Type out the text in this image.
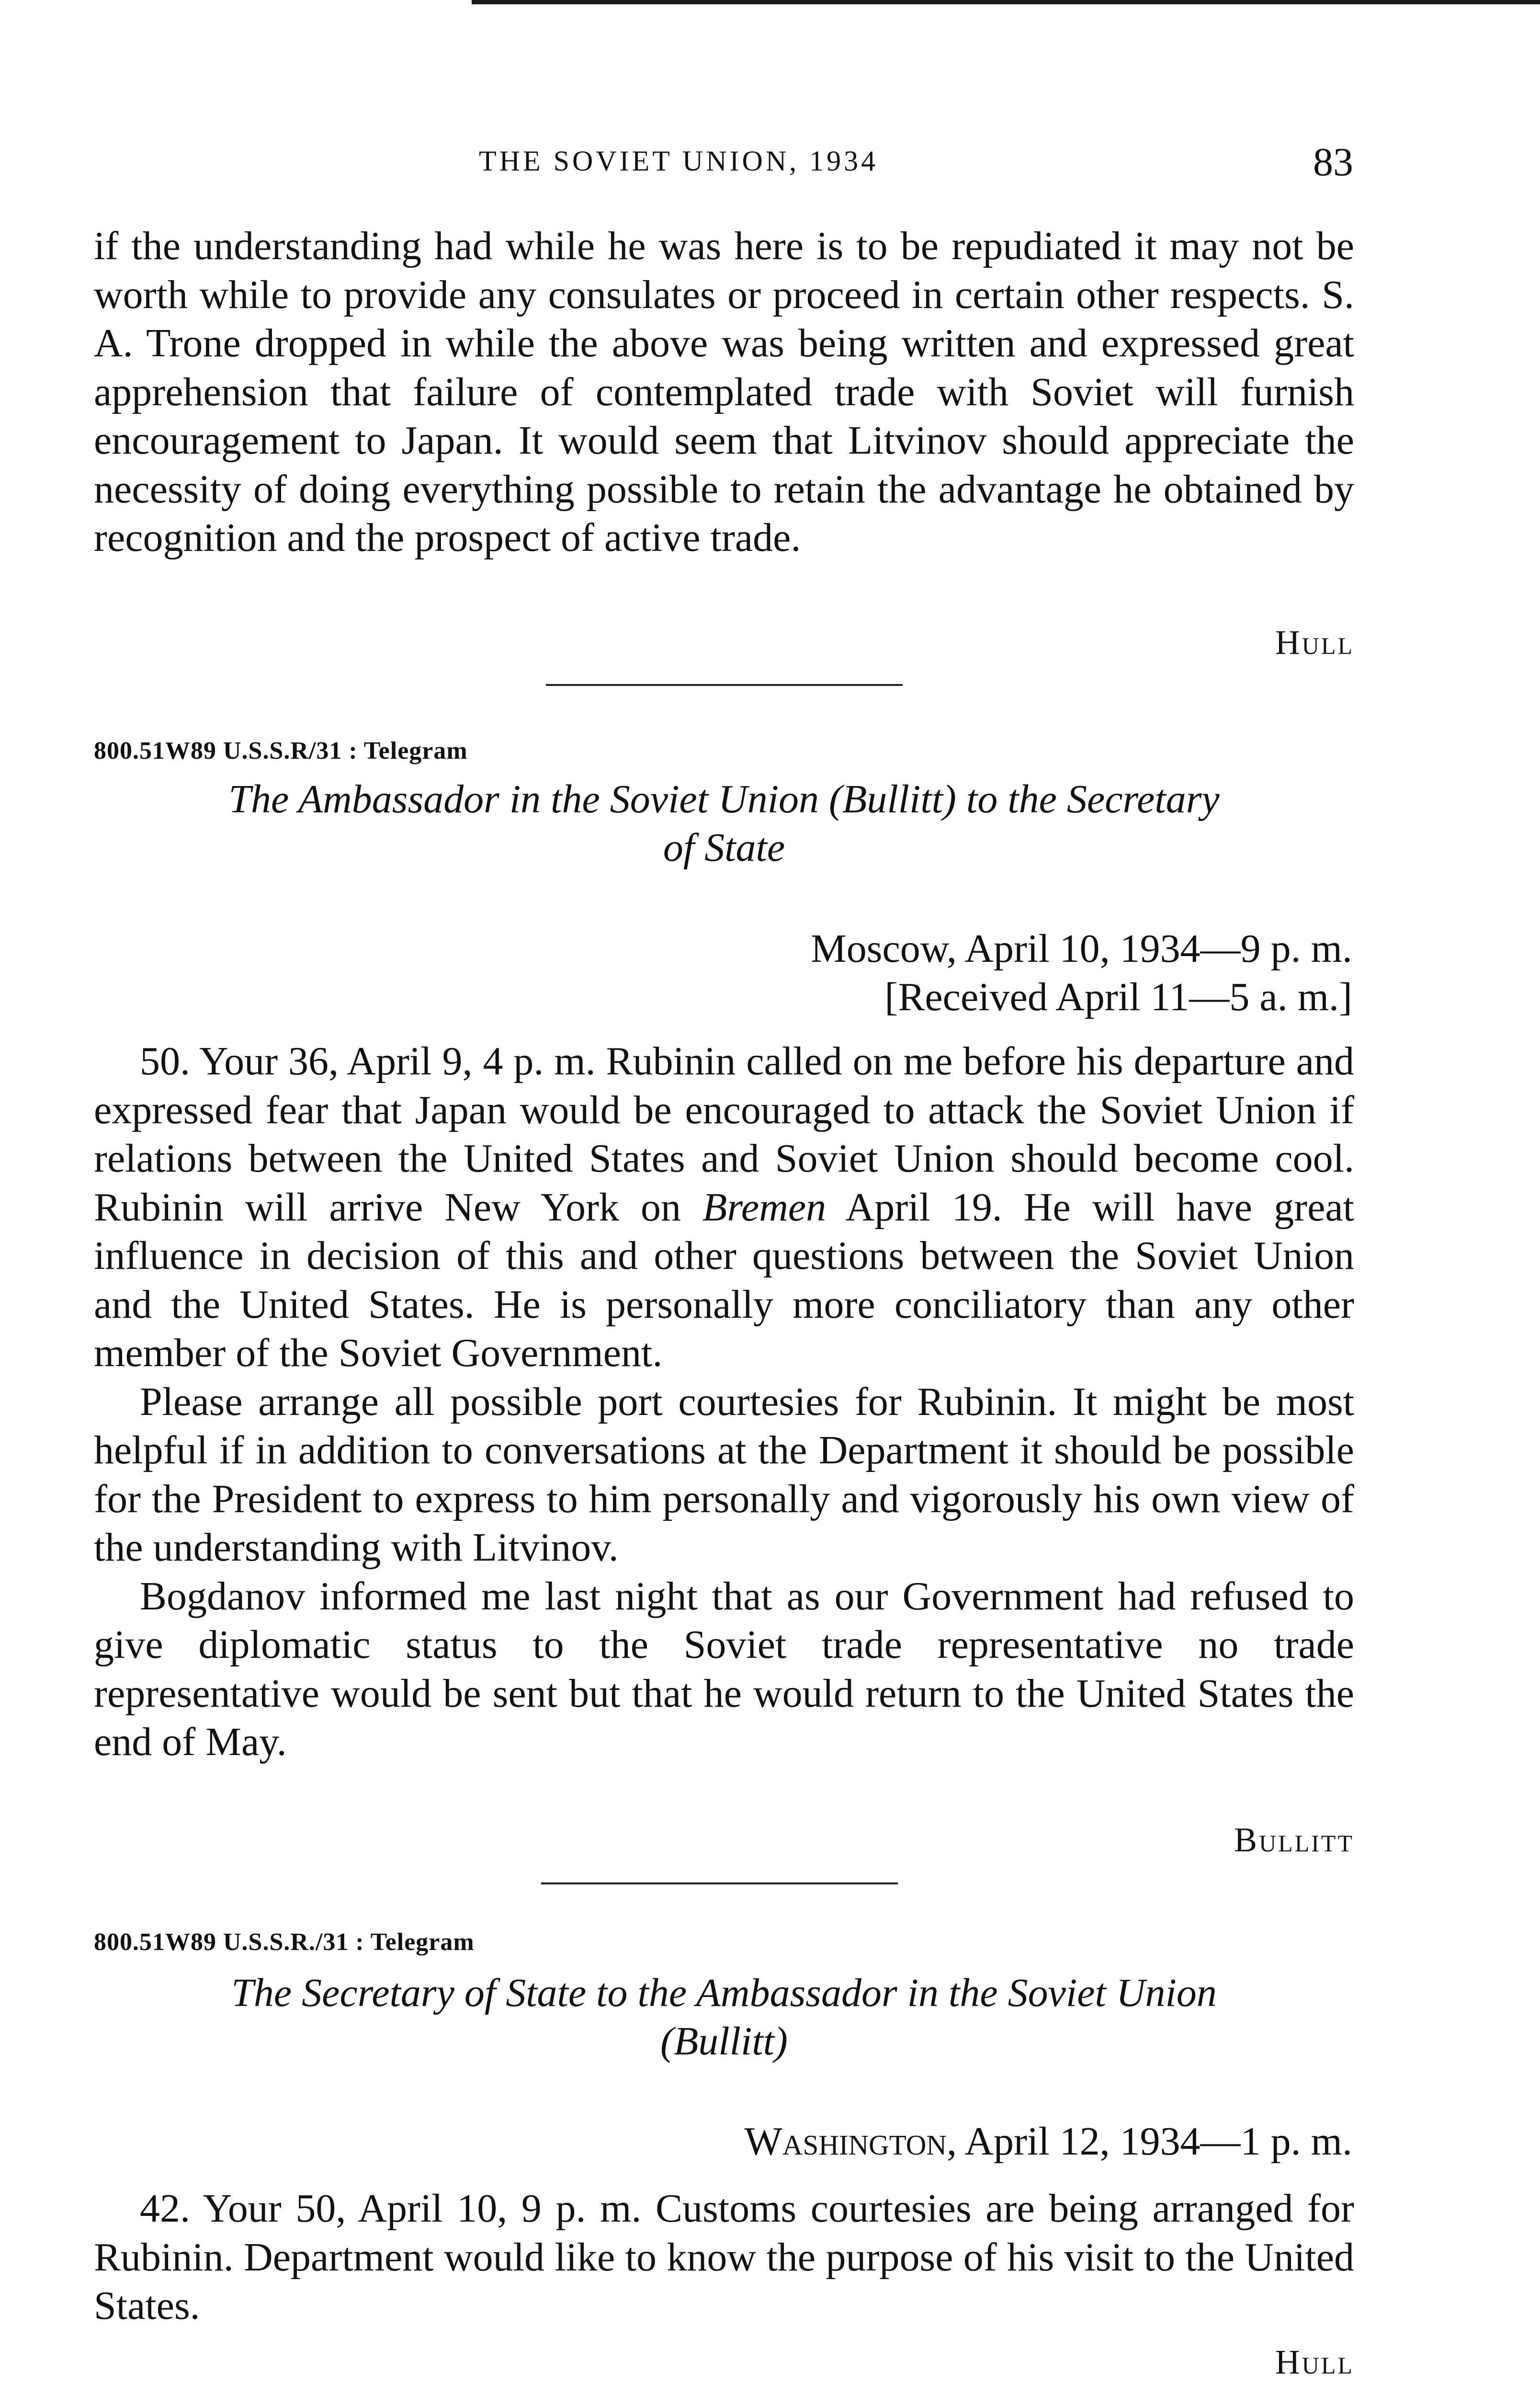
THE SOVIET UNION, 1934	83

if the understanding had while he was here is to be repudiated it may not be worth while to provide any consulates or proceed in certain other respects. S. A. Trone dropped in while the above was being written and expressed great apprehension that failure of contemplated trade with Soviet will furnish encouragement to Japan. It would seem that Litvinov should appreciate the necessity of doing everything possible to retain the advantage he obtained by recognition and the prospect of active trade.

Hull
800.51W89 U.S.S.R/31 : Telegram
The Ambassador in the Soviet Union (Bullitt) to the Secretary
of State
Moscow, April 10, 1934—9 p. m.
[Received April 11—5 a. m.]

50. Your 36, April 9, 4 p. m. Rubinin called on me before his departure and expressed fear that Japan would be encouraged to attack the Soviet Union if relations between the United States and Soviet Union should become cool. Rubinin will arrive New York on Bremen April 19. He will have great influence in decision of this and other questions between the Soviet Union and the United States. He is personally more conciliatory than any other member of the Soviet Government.

Please arrange all possible port courtesies for Rubinin. It might be most helpful if in addition to conversations at the Department it should be possible for the President to express to him personally and vigorously his own view of the understanding with Litvinov.

Bogdanov informed me last night that as our Government had refused to give diplomatic status to the Soviet trade representative no trade representative would be sent but that he would return to the United States the end of May.

Bullitt
800.51W89 U.S.S.R./31 : Telegram
The Secretary of State to the Ambassador in the Soviet Union
(Bullitt)
Washington, April 12, 1934—1 p. m.

42. Your 50, April 10, 9 p. m. Customs courtesies are being arranged for Rubinin. Department would like to know the purpose of his visit to the United States.

Hull
